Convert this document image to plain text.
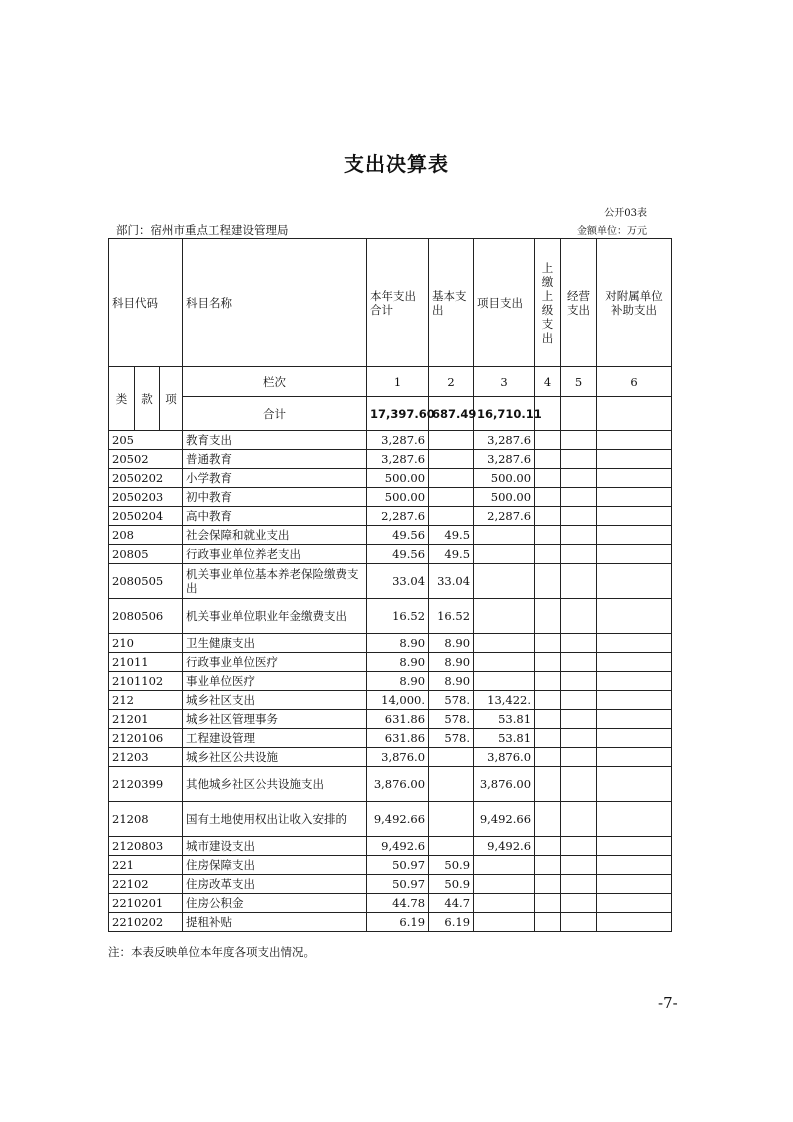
支出决算表
公开03表
部门：宿州市重点工程建设管理局	金额单位：万元
科目代码			科目名称	本年支出合计	基本支出	项目支出	上缴上级支出	经营支出	对附属单位补助支出
类	款	项	栏次	1	2	3	4	5	6
			合计	17,397.60	687.49	16,710.11			
205			教育支出	3,287.6		3,287.6			
20502			普通教育	3,287.6		3,287.6			
2050202			小学教育	500.00		500.00			
2050203			初中教育	500.00		500.00			
2050204			高中教育	2,287.6		2,287.6			
208			社会保障和就业支出	49.56	49.5				
20805			行政事业单位养老支出	49.56	49.5				
2080505			机关事业单位基本养老保险缴费支出	33.04	33.04				
2080506			机关事业单位职业年金缴费支出	16.52	16.52				
210			卫生健康支出	8.90	8.90				
21011			行政事业单位医疗	8.90	8.90				
2101102			事业单位医疗	8.90	8.90				
212			城乡社区支出	14,000.	578.	13,422.			
21201			城乡社区管理事务	631.86	578.	53.81			
2120106			工程建设管理	631.86	578.	53.81			
21203			城乡社区公共设施	3,876.0		3,876.0			
2120399			其他城乡社区公共设施支出	3,876.00		3,876.00			
21208			国有土地使用权出让收入安排的	9,492.66		9,492.66			
2120803			城市建设支出	9,492.6		9,492.6			
221			住房保障支出	50.97	50.9				
22102			住房改革支出	50.97	50.9				
2210201			住房公积金	44.78	44.7				
2210202			提租补贴	6.19	6.19				
注：本表反映单位本年度各项支出情况。
-7-
